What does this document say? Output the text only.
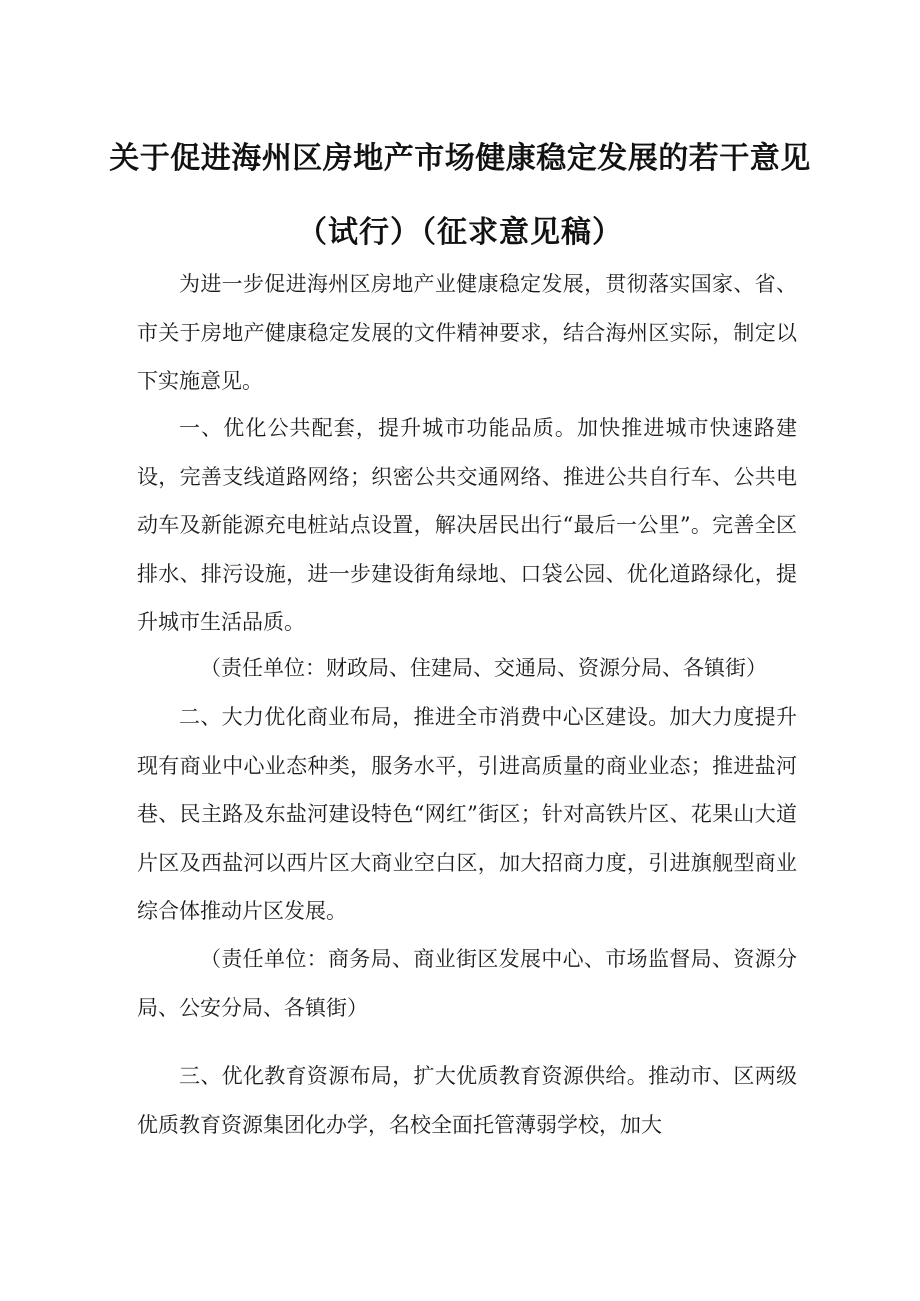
关于促进海州区房地产市场健康稳定发展的若干意见
（试行）（征求意见稿）

为进一步促进海州区房地产业健康稳定发展，贯彻落实国家、省、市关于房地产健康稳定发展的文件精神要求，结合海州区实际，制定以下实施意见。

一、优化公共配套，提升城市功能品质。加快推进城市快速路建设，完善支线道路网络；织密公共交通网络、推进公共自行车、公共电动车及新能源充电桩站点设置，解决居民出行“最后一公里”。完善全区排水、排污设施，进一步建设街角绿地、口袋公园、优化道路绿化，提升城市生活品质。

（责任单位：财政局、住建局、交通局、资源分局、各镇街）

二、大力优化商业布局，推进全市消费中心区建设。加大力度提升现有商业中心业态种类，服务水平，引进高质量的商业业态；推进盐河巷、民主路及东盐河建设特色“网红”街区；针对高铁片区、花果山大道片区及西盐河以西片区大商业空白区，加大招商力度，引进旗舰型商业综合体推动片区发展。

（责任单位：商务局、商业街区发展中心、市场监督局、资源分局、公安分局、各镇街）

三、优化教育资源布局，扩大优质教育资源供给。推动市、区两级优质教育资源集团化办学，名校全面托管薄弱学校，加大
